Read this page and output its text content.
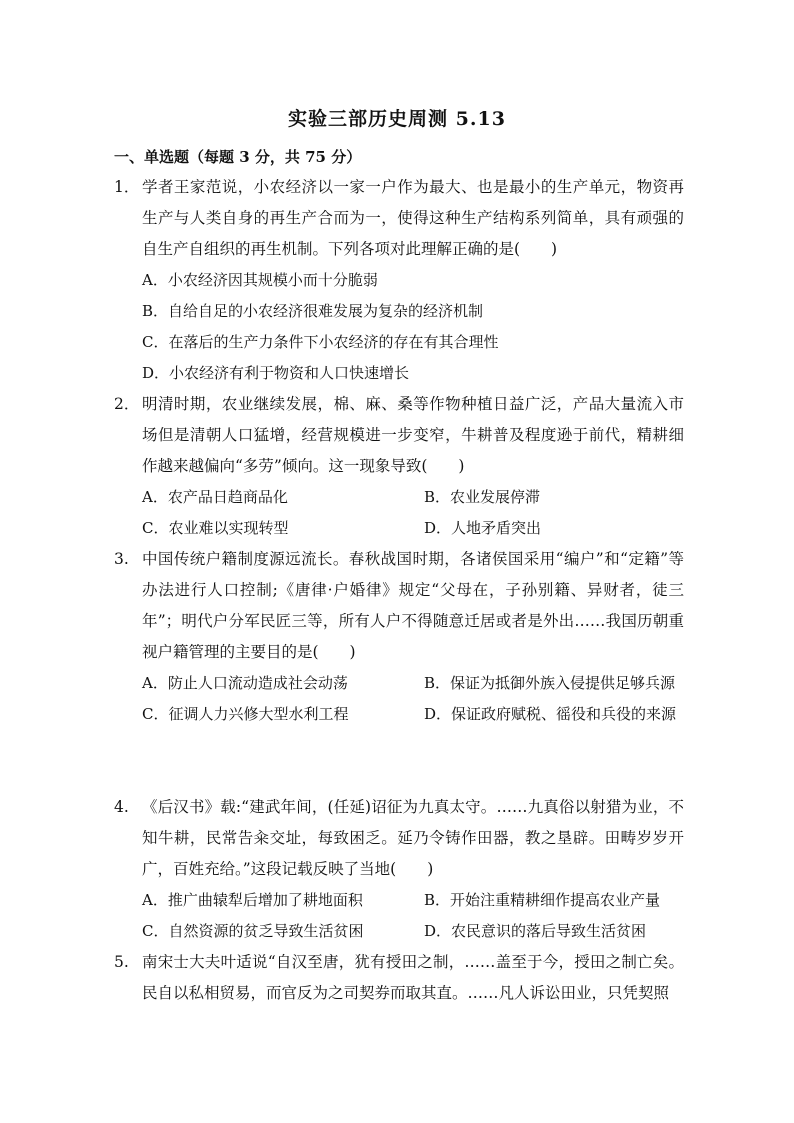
实验三部历史周测 5.13
一、单选题（每题 3 分，共 75 分）
1． 学者王家范说，小农经济以一家一户作为最大、也是最小的生产单元，物资再生产与人类自身的再生产合而为一，使得这种生产结构系列简单，具有顽强的自生产自组织的再生机制。下列各项对此理解正确的是(　　)
A．小农经济因其规模小而十分脆弱
B．自给自足的小农经济很难发展为复杂的经济机制
C．在落后的生产力条件下小农经济的存在有其合理性
D．小农经济有利于物资和人口快速增长
2． 明清时期，农业继续发展，棉、麻、桑等作物种植日益广泛，产品大量流入市场但是清朝人口猛增，经营规模进一步变窄，牛耕普及程度逊于前代，精耕细作越来越偏向“多劳”倾向。这一现象导致(　　)
A．农产品日趋商品化	B．农业发展停滞
C．农业难以实现转型	D．人地矛盾突出
3. 中国传统户籍制度源远流长。春秋战国时期，各诸侯国采用“编户”和“定籍”等办法进行人口控制;《唐律·户婚律》规定“父母在，子孙别籍、异财者，徒三年”；明代户分军民匠三等，所有人户不得随意迁居或者是外出……我国历朝重视户籍管理的主要目的是(　　)
A．防止人口流动造成社会动荡	B．保证为抵御外族入侵提供足够兵源
C．征调人力兴修大型水利工程	D．保证政府赋税、徭役和兵役的来源
4. 《后汉书》载:“建武年间，(任延)诏征为九真太守。……九真俗以射猎为业，不知牛耕，民常告籴交址，每致困乏。延乃令铸作田器，教之垦辟。田畴岁岁开广，百姓充给。”这段记载反映了当地(　　)
A．推广曲辕犁后增加了耕地面积	B．开始注重精耕细作提高农业产量
C．自然资源的贫乏导致生活贫困	D．农民意识的落后导致生活贫困
5. 南宋士大夫叶适说“自汉至唐，犹有授田之制，……盖至于今，授田之制亡矣。民自以私相贸易，而官反为之司契券而取其直。……凡人诉讼田业，只凭契照
